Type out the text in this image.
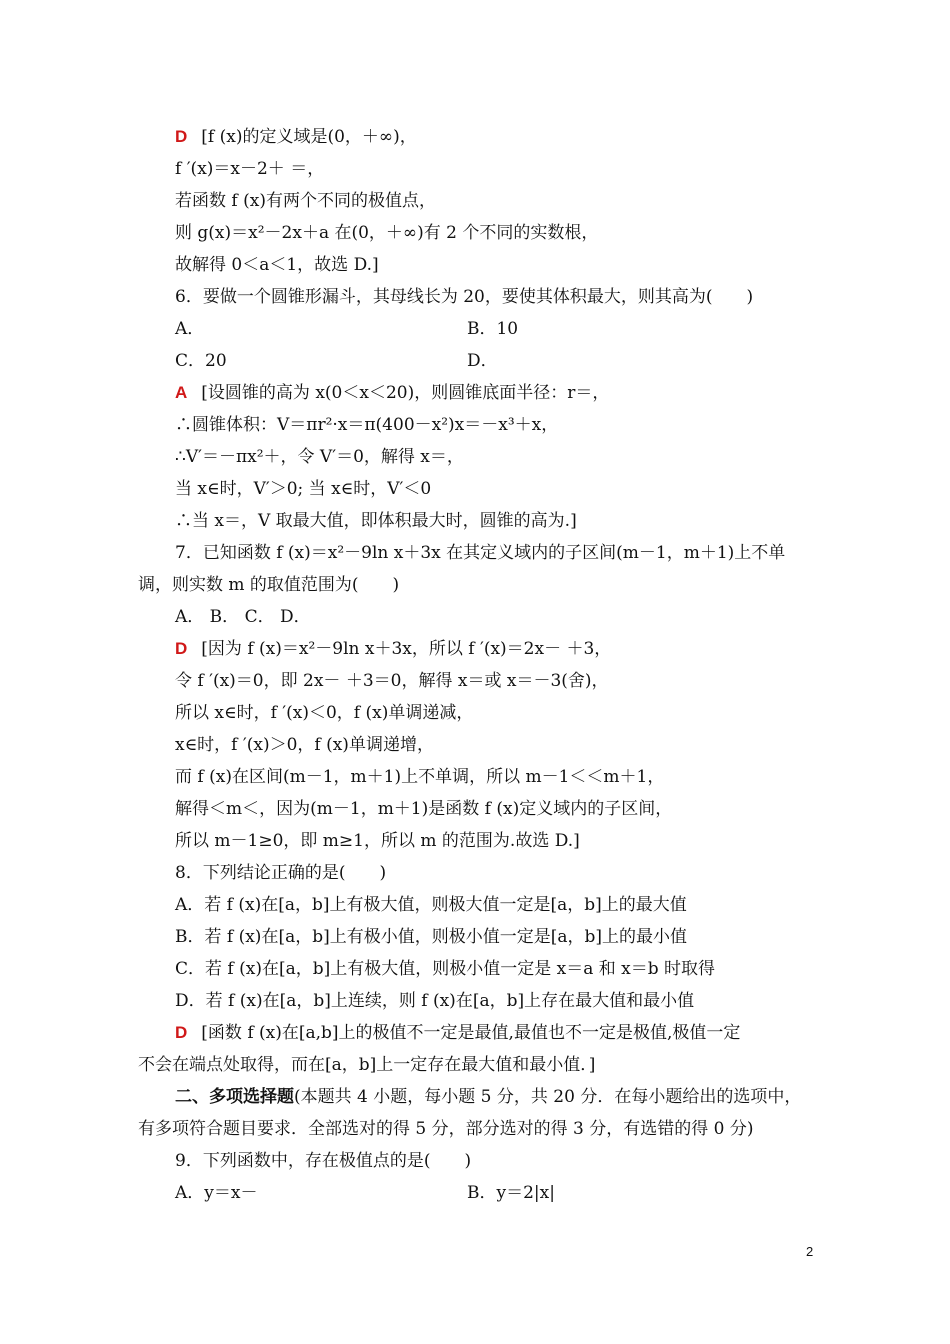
D [f (x)的定义域是(0，＋∞)，
f ′(x)＝x－2＋ ＝，
若函数 f (x)有两个不同的极值点，
则 g(x)＝x²－2x＋a 在(0，＋∞)有 2 个不同的实数根，
故解得 0＜a＜1，故选 D.]
6．要做一个圆锥形漏斗，其母线长为 20，要使其体积最大，则其高为(　　)
A．	B．10
C．20	D．
A [设圆锥的高为 x(0＜x＜20)，则圆锥底面半径：r＝，
∴圆锥体积：V＝πr²·x＝π(400－x²)x＝－x³＋x，
∴V′＝－πx²＋，令 V′＝0，解得 x＝，
当 x∈时，V′＞0; 当 x∈时，V′＜0
∴当 x＝，V 取最大值，即体积最大时，圆锥的高为.]
7．已知函数 f (x)＝x²－9ln x＋3x 在其定义域内的子区间(m－1，m＋1)上不单
调，则实数 m 的取值范围为(　　)
A． B． C． D．
D [因为 f (x)＝x²－9ln x＋3x，所以 f ′(x)＝2x－ ＋3，
令 f ′(x)＝0，即 2x－ ＋3＝0，解得 x＝或 x＝－3(舍)，
所以 x∈时，f ′(x)＜0，f (x)单调递减，
x∈时，f ′(x)＞0，f (x)单调递增，
而 f (x)在区间(m－1，m＋1)上不单调，所以 m－1＜＜m＋1，
解得＜m＜，因为(m－1，m＋1)是函数 f (x)定义域内的子区间，
所以 m－1≥0，即 m≥1，所以 m 的范围为.故选 D.]
8．下列结论正确的是(　　)
A．若 f (x)在[a，b]上有极大值，则极大值一定是[a，b]上的最大值
B．若 f (x)在[a，b]上有极小值，则极小值一定是[a，b]上的最小值
C．若 f (x)在[a，b]上有极大值，则极小值一定是 x＝a 和 x＝b 时取得
D．若 f (x)在[a，b]上连续，则 f (x)在[a，b]上存在最大值和最小值
D [函数 f (x)在[a,b]上的极值不一定是最值,最值也不一定是极值,极值一定
不会在端点处取得，而在[a，b]上一定存在最大值和最小值．]
二、多项选择题(本题共 4 小题，每小题 5 分，共 20 分．在每小题给出的选项中，
有多项符合题目要求．全部选对的得 5 分，部分选对的得 3 分，有选错的得 0 分)
9．下列函数中，存在极值点的是(　　)
A．y＝x－	B．y＝2|x|
2
